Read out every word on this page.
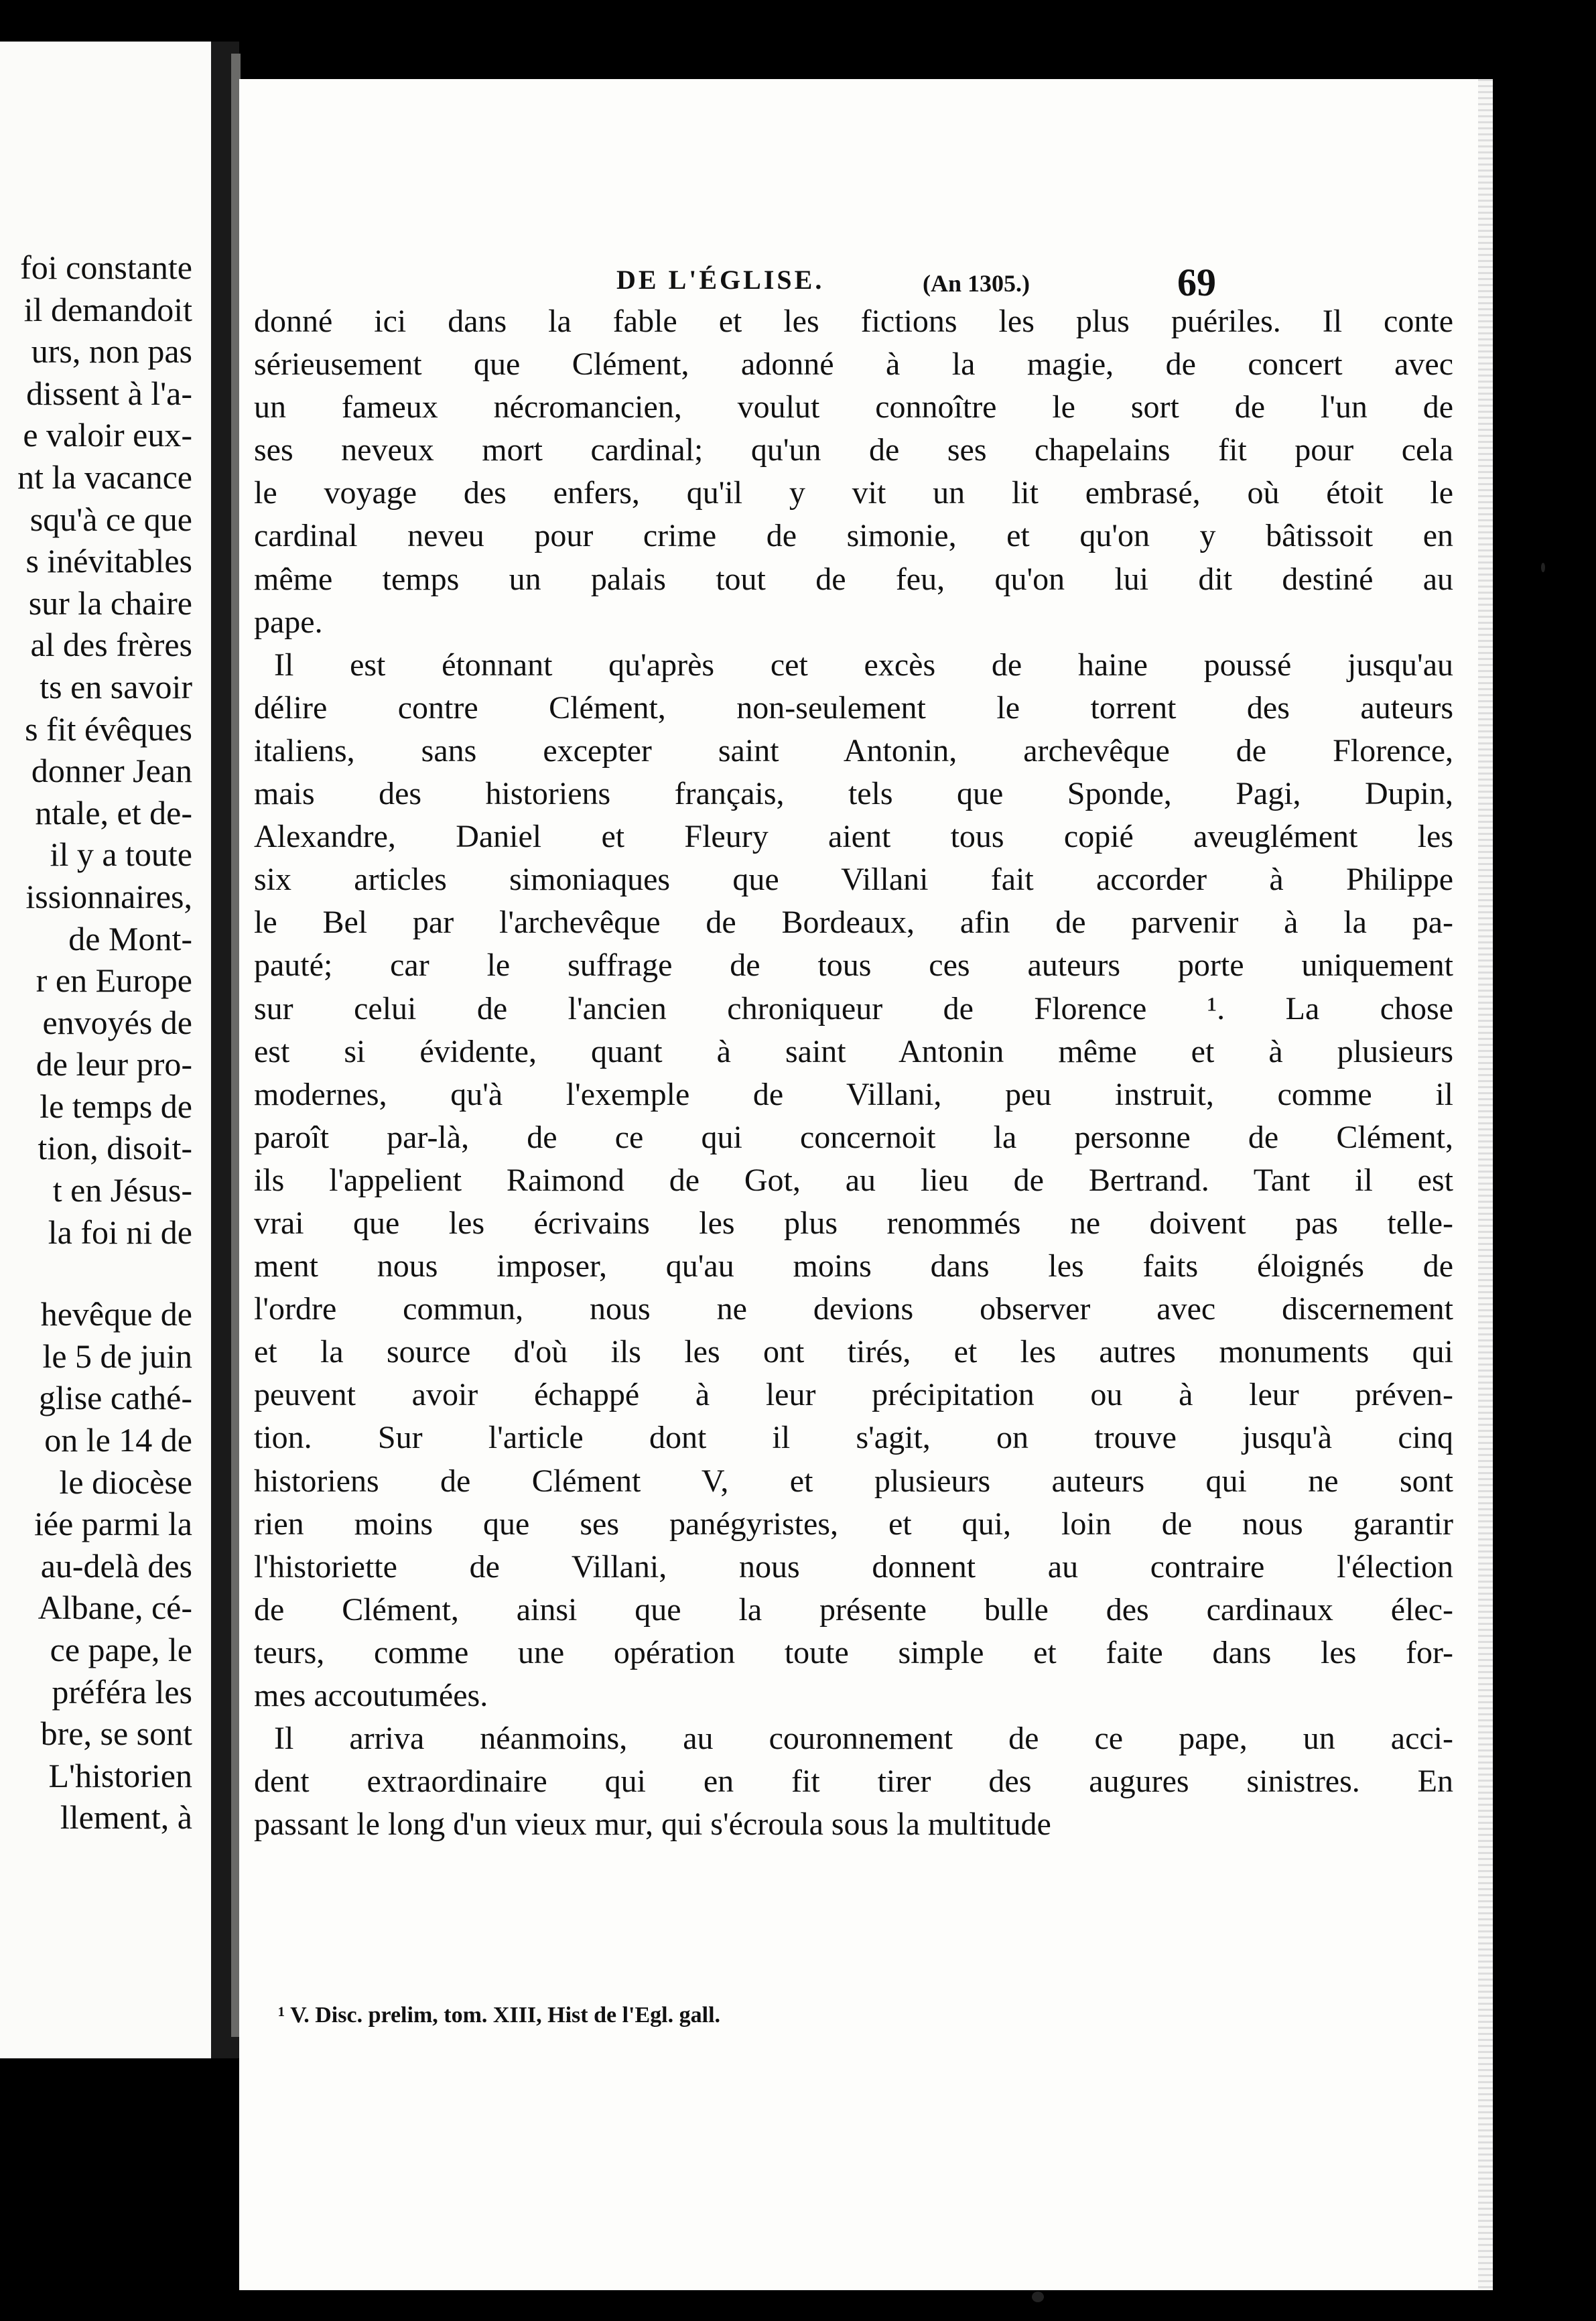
foi constante
il demandoit
urs, non pas
dissent à l'a-
e valoir eux-
nt la vacance
squ'à ce que
s inévitables
sur la chaire
al des frères
ts en savoir
s fit évêques
donner Jean
ntale, et de-
il y a toute
issionnaires,
de Mont-
r en Europe
envoyés de
de leur pro-
le temps de
tion, disoit-
t en Jésus-
la foi ni de
hevêque de
le 5 de juin
glise cathé-
on le 14 de
le diocèse
iée parmi la
au-delà des
Albane, cé-
ce pape, le
préféra les
bre, se sont
L'historien
llement, à
DE L'ÉGLISE.	(An 1305.)	69
donné ici dans la fable et les fictions les plus puériles. Il conte
sérieusement que Clément, adonné à la magie, de concert avec
un fameux nécromancien, voulut connoître le sort de l'un de
ses neveux mort cardinal; qu'un de ses chapelains fit pour cela
le voyage des enfers, qu'il y vit un lit embrasé, où étoit le
cardinal neveu pour crime de simonie, et qu'on y bâtissoit en
même temps un palais tout de feu, qu'on lui dit destiné au
pape.
Il est étonnant qu'après cet excès de haine poussé jusqu'au
délire contre Clément, non-seulement le torrent des auteurs
italiens, sans excepter saint Antonin, archevêque de Florence,
mais des historiens français, tels que Sponde, Pagi, Dupin,
Alexandre, Daniel et Fleury aient tous copié aveuglément les
six articles simoniaques que Villani fait accorder à Philippe
le Bel par l'archevêque de Bordeaux, afin de parvenir à la pa-
pauté; car le suffrage de tous ces auteurs porte uniquement
sur celui de l'ancien chroniqueur de Florence ¹. La chose
est si évidente, quant à saint Antonin même et à plusieurs
modernes, qu'à l'exemple de Villani, peu instruit, comme il
paroît par-là, de ce qui concernoit la personne de Clément,
ils l'appelient Raimond de Got, au lieu de Bertrand. Tant il est
vrai que les écrivains les plus renommés ne doivent pas telle-
ment nous imposer, qu'au moins dans les faits éloignés de
l'ordre commun, nous ne devions observer avec discernement
et la source d'où ils les ont tirés, et les autres monuments qui
peuvent avoir échappé à leur précipitation ou à leur préven-
tion. Sur l'article dont il s'agit, on trouve jusqu'à cinq
historiens de Clément V, et plusieurs auteurs qui ne sont
rien moins que ses panégyristes, et qui, loin de nous garantir
l'historiette de Villani, nous donnent au contraire l'élection
de Clément, ainsi que la présente bulle des cardinaux élec-
teurs, comme une opération toute simple et faite dans les for-
mes accoutumées.
Il arriva néanmoins, au couronnement de ce pape, un acci-
dent extraordinaire qui en fit tirer des augures sinistres. En
passant le long d'un vieux mur, qui s'écroula sous la multitude
¹ V. Disc. prelim, tom. XIII, Hist de l'Egl. gall.
